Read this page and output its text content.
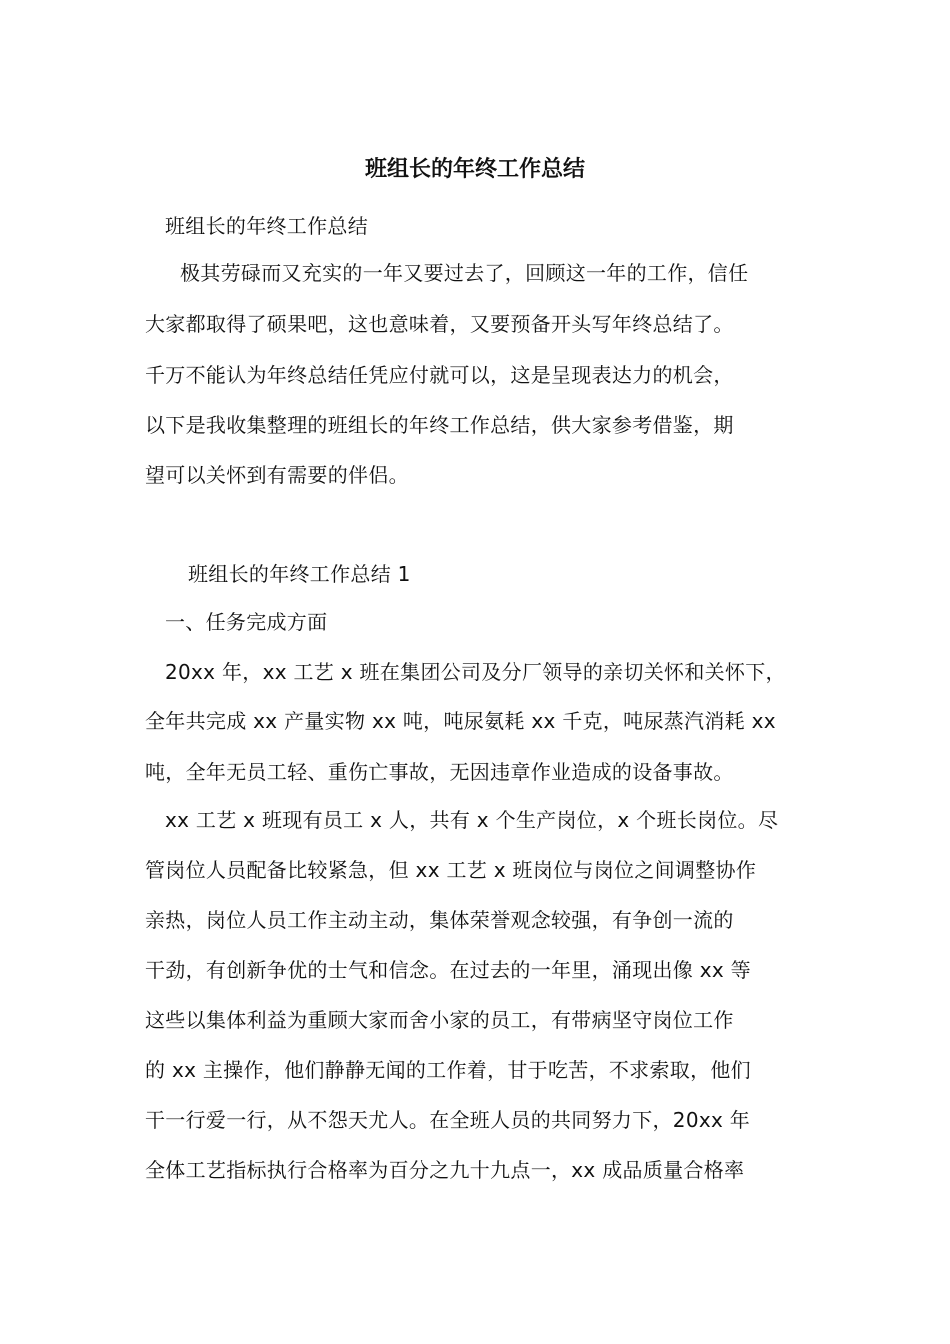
班组长的年终工作总结
班组长的年终工作总结
极其劳碌而又充实的一年又要过去了，回顾这一年的工作，信任
大家都取得了硕果吧，这也意味着，又要预备开头写年终总结了。
千万不能认为年终总结任凭应付就可以，这是呈现表达力的机会，
以下是我收集整理的班组长的年终工作总结，供大家参考借鉴，期
望可以关怀到有需要的伴侣。
班组长的年终工作总结 1
一、任务完成方面
20xx 年，xx 工艺 x 班在集团公司及分厂领导的亲切关怀和关怀下，
全年共完成 xx 产量实物 xx 吨，吨尿氨耗 xx 千克，吨尿蒸汽消耗 xx
吨，全年无员工轻、重伤亡事故，无因违章作业造成的设备事故。
xx 工艺 x 班现有员工 x 人，共有 x 个生产岗位，x 个班长岗位。尽
管岗位人员配备比较紧急，但 xx 工艺 x 班岗位与岗位之间调整协作
亲热，岗位人员工作主动主动，集体荣誉观念较强，有争创一流的
干劲，有创新争优的士气和信念。在过去的一年里，涌现出像 xx 等
这些以集体利益为重顾大家而舍小家的员工，有带病坚守岗位工作
的 xx 主操作，他们静静无闻的工作着，甘于吃苦，不求索取，他们
干一行爱一行，从不怨天尤人。在全班人员的共同努力下，20xx 年
全体工艺指标执行合格率为百分之九十九点一，xx 成品质量合格率
